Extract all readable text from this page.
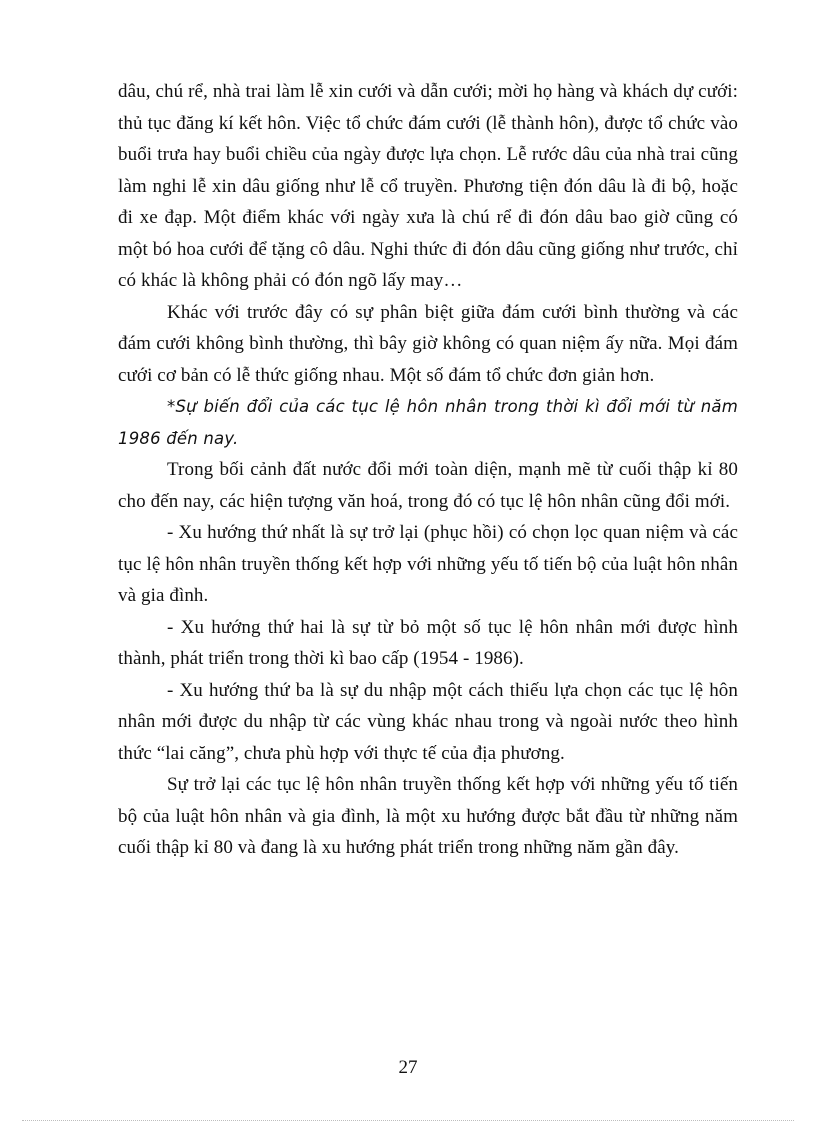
dâu, chú rể, nhà trai làm lễ xin cưới và dẫn cưới; mời họ hàng và khách dự cưới: thủ tục đăng kí kết hôn. Việc tổ chức đám cưới (lễ thành hôn), được tổ chức vào buổi trưa hay buổi chiều của ngày được lựa chọn. Lễ rước dâu của nhà trai cũng làm nghi lễ xin dâu giống như lễ cổ truyền. Phương tiện đón dâu là đi bộ, hoặc đi xe đạp. Một điểm khác với ngày xưa là chú rể đi đón dâu bao giờ cũng có một bó hoa cưới để tặng cô dâu. Nghi thức đi đón dâu cũng giống như trước, chỉ có khác là không phải có đón ngõ lấy may…

Khác với trước đây có sự phân biệt giữa đám cưới bình thường và các đám cưới không bình thường, thì bây giờ không có quan niệm ấy nữa. Mọi đám cưới cơ bản có lễ thức giống nhau. Một số đám tổ chức đơn giản hơn.

*Sự biến đổi của các tục lệ hôn nhân trong thời kì đổi mới từ năm 1986 đến nay.

Trong bối cảnh đất nước đổi mới toàn diện, mạnh mẽ từ cuối thập kỉ 80 cho đến nay, các hiện tượng văn hoá, trong đó có tục lệ hôn nhân cũng đổi mới.

- Xu hướng thứ nhất là sự trở lại (phục hồi) có chọn lọc quan niệm và các tục lệ hôn nhân truyền thống kết hợp với những yếu tố tiến bộ của luật hôn nhân và gia đình.

- Xu hướng thứ hai là sự từ bỏ một số tục lệ hôn nhân mới được hình thành, phát triển trong thời kì bao cấp (1954 - 1986).

- Xu hướng thứ ba là sự du nhập một cách thiếu lựa chọn các tục lệ hôn nhân mới được du nhập từ các vùng khác nhau trong và ngoài nước theo hình thức “lai căng”, chưa phù hợp với thực tế của địa phương.

Sự trở lại các tục lệ hôn nhân truyền thống kết hợp với những yếu tố tiến bộ của luật hôn nhân và gia đình, là một xu hướng được bắt đầu từ những năm cuối thập kỉ 80 và đang là xu hướng phát triển trong những năm gần đây.

27
